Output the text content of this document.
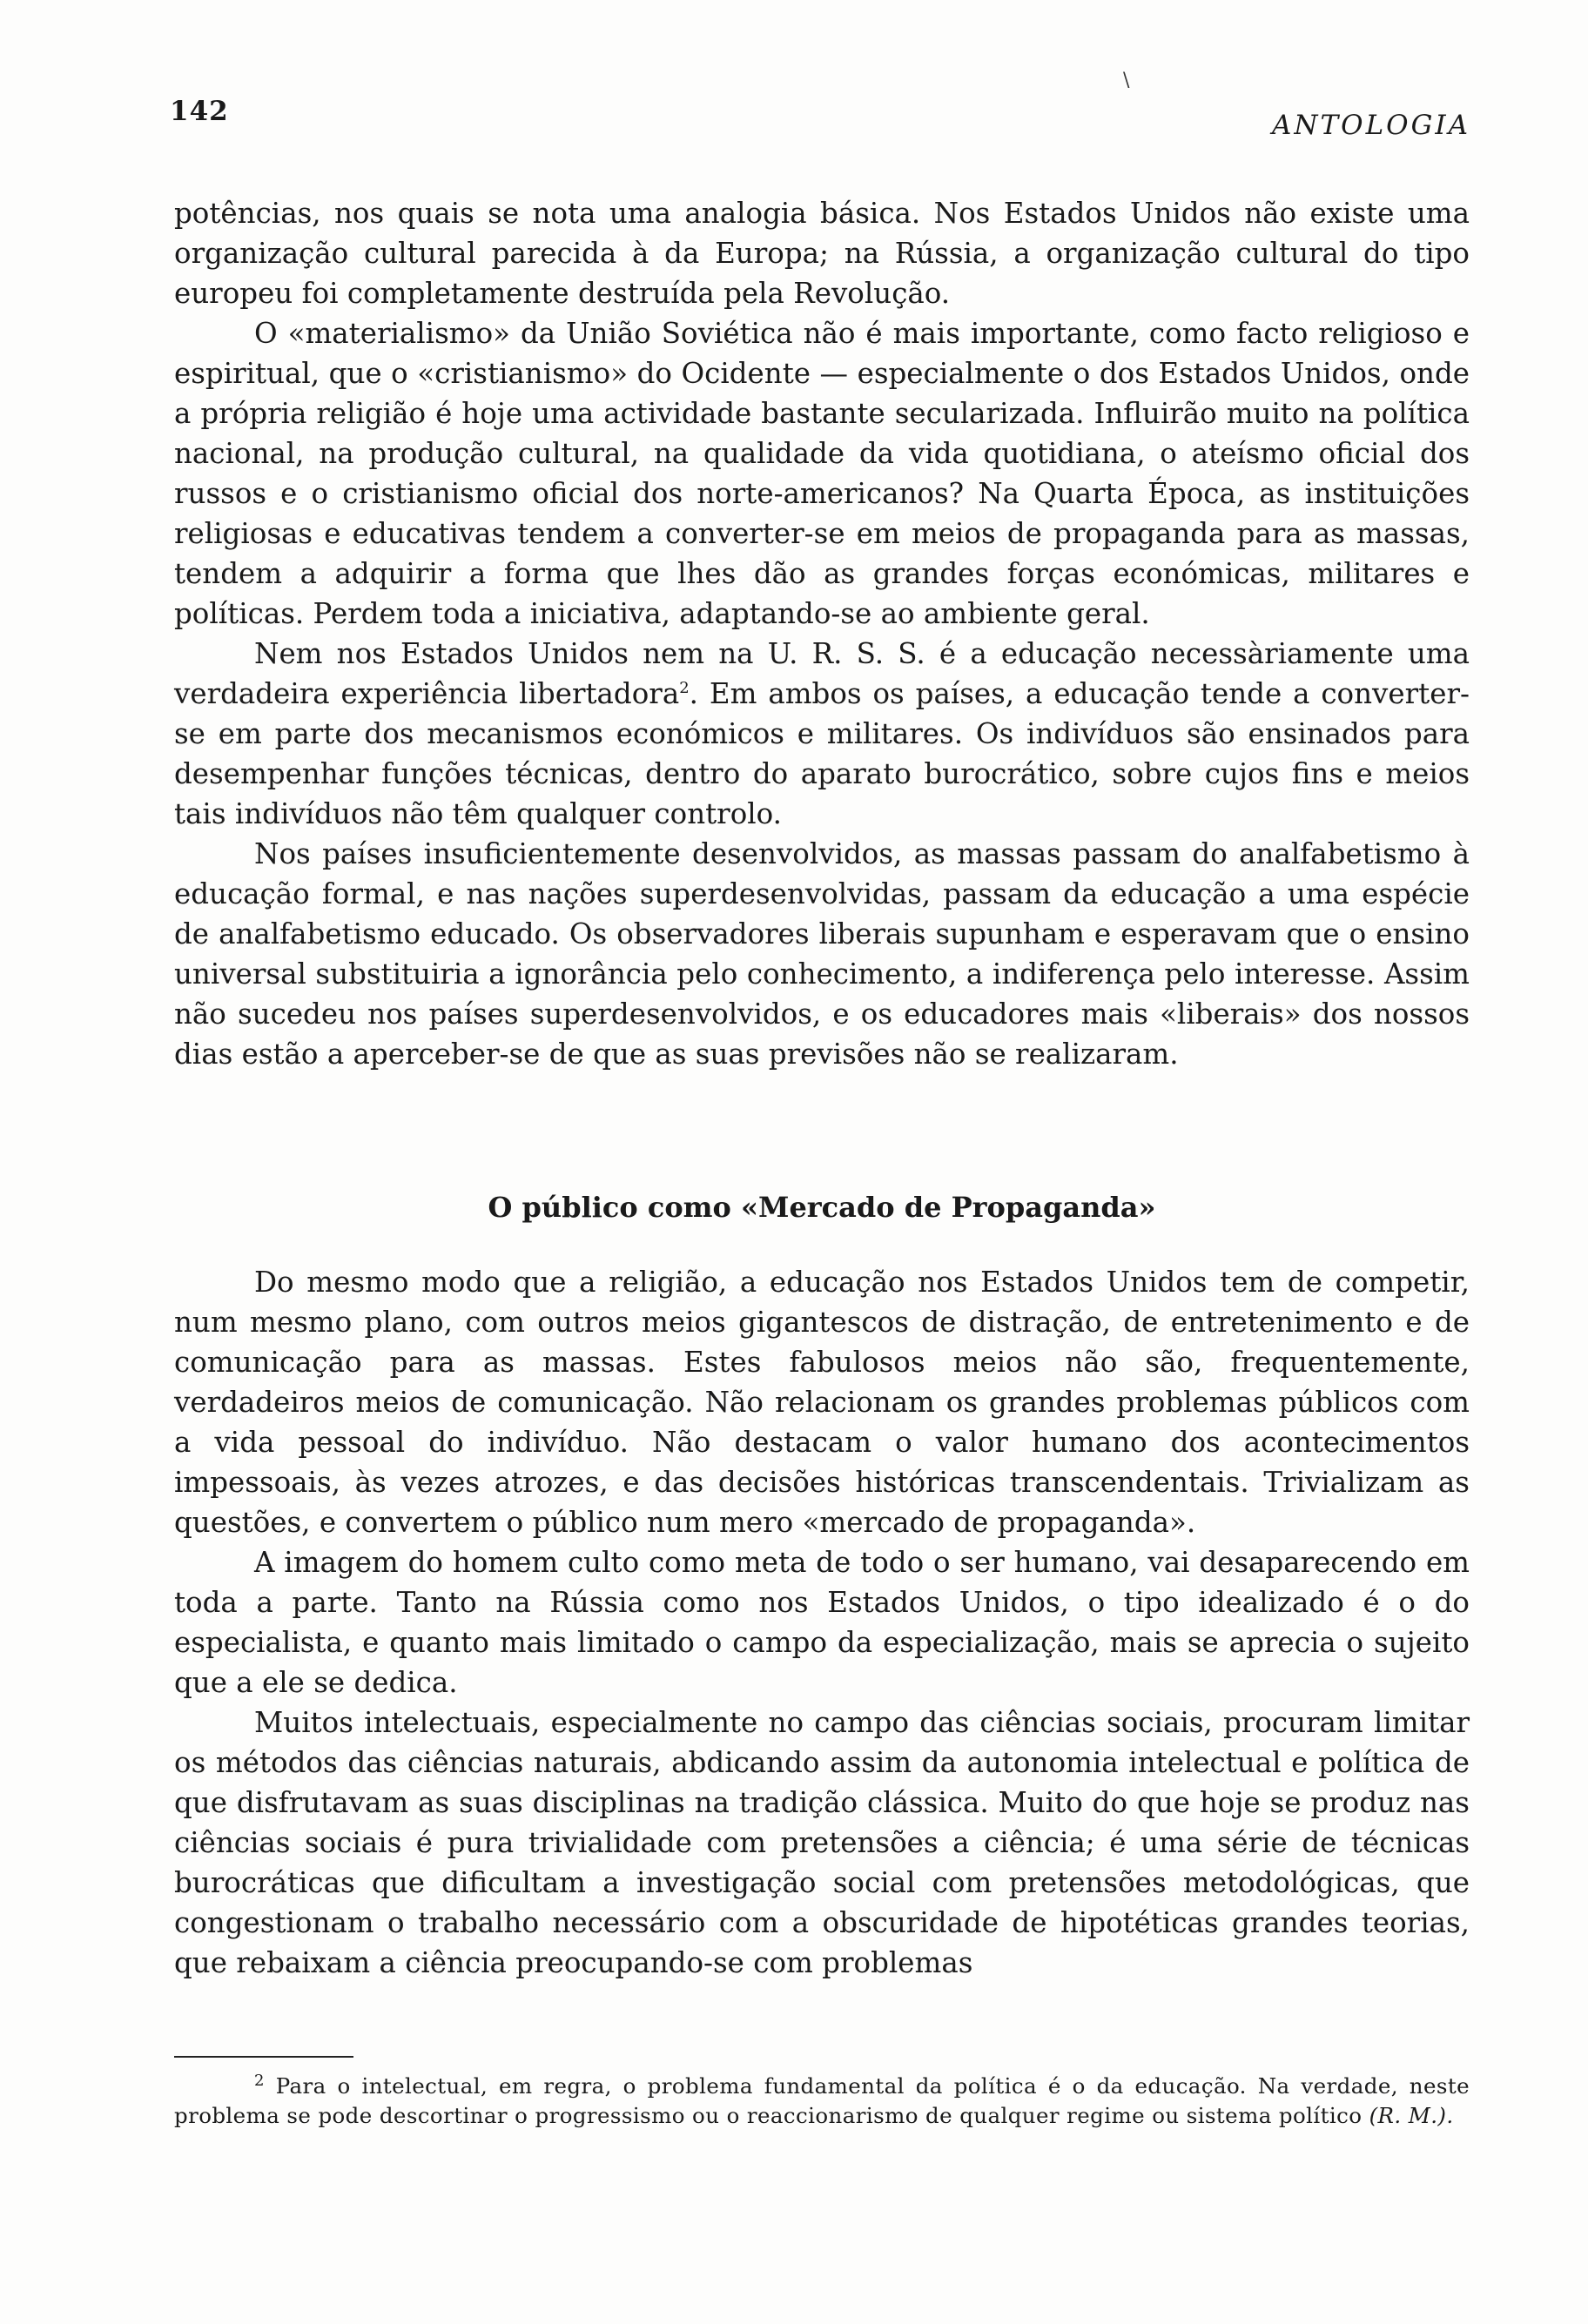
142	ANTOLOGIA
\

potências, nos quais se nota uma analogia básica. Nos Estados Unidos não existe uma organização cultural parecida à da Europa; na Rússia, a organização cultural do tipo europeu foi completamente destruída pela Revolução.

O «materialismo» da União Soviética não é mais importante, como facto religioso e espiritual, que o «cristianismo» do Ocidente — especialmente o dos Estados Unidos, onde a própria religião é hoje uma actividade bastante secularizada. Influirão muito na política nacional, na produção cultural, na qualidade da vida quotidiana, o ateísmo oficial dos russos e o cristianismo oficial dos norte-americanos? Na Quarta Época, as instituições religiosas e educativas tendem a converter-se em meios de propaganda para as massas, tendem a adquirir a forma que lhes dão as grandes forças económicas, militares e políticas. Perdem toda a iniciativa, adaptando-se ao ambiente geral.

Nem nos Estados Unidos nem na U. R. S. S. é a educação necessàriamente uma verdadeira experiência libertadora$^2$. Em ambos os países, a educação tende a converter-se em parte dos mecanismos económicos e militares. Os indivíduos são ensinados para desempenhar funções técnicas, dentro do aparato burocrático, sobre cujos fins e meios tais indivíduos não têm qualquer controlo.

Nos países insuficientemente desenvolvidos, as massas passam do analfabetismo à educação formal, e nas nações superdesenvolvidas, passam da educação a uma espécie de analfabetismo educado. Os observadores liberais supunham e esperavam que o ensino universal substituiria a ignorância pelo conhecimento, a indiferença pelo interesse. Assim não sucedeu nos países superdesenvolvidos, e os educadores mais «liberais» dos nossos dias estão a aperceber-se de que as suas previsões não se realizaram.

O público como «Mercado de Propaganda»

Do mesmo modo que a religião, a educação nos Estados Unidos tem de competir, num mesmo plano, com outros meios gigantescos de distração, de entretenimento e de comunicação para as massas. Estes fabulosos meios não são, frequentemente, verdadeiros meios de comunicação. Não relacionam os grandes problemas públicos com a vida pessoal do indivíduo. Não destacam o valor humano dos acontecimentos impessoais, às vezes atrozes, e das decisões históricas transcendentais. Trivializam as questões, e convertem o público num mero «mercado de propaganda».

A imagem do homem culto como meta de todo o ser humano, vai desaparecendo em toda a parte. Tanto na Rússia como nos Estados Unidos, o tipo idealizado é o do especialista, e quanto mais limitado o campo da especialização, mais se aprecia o sujeito que a ele se dedica.

Muitos intelectuais, especialmente no campo das ciências sociais, procuram limitar os métodos das ciências naturais, abdicando assim da autonomia intelectual e política de que disfrutavam as suas disciplinas na tradição clássica. Muito do que hoje se produz nas ciências sociais é pura trivialidade com pretensões a ciência; é uma série de técnicas burocráticas que dificultam a investigação social com pretensões metodológicas, que congestionam o trabalho necessário com a obscuridade de hipotéticas grandes teorias, que rebaixam a ciência preocupando-se com problemas

$^2$ Para o intelectual, em regra, o problema fundamental da política é o da educação. Na verdade, neste problema se pode descortinar o progressismo ou o reaccionarismo de qualquer regime ou sistema político (R. M.).
